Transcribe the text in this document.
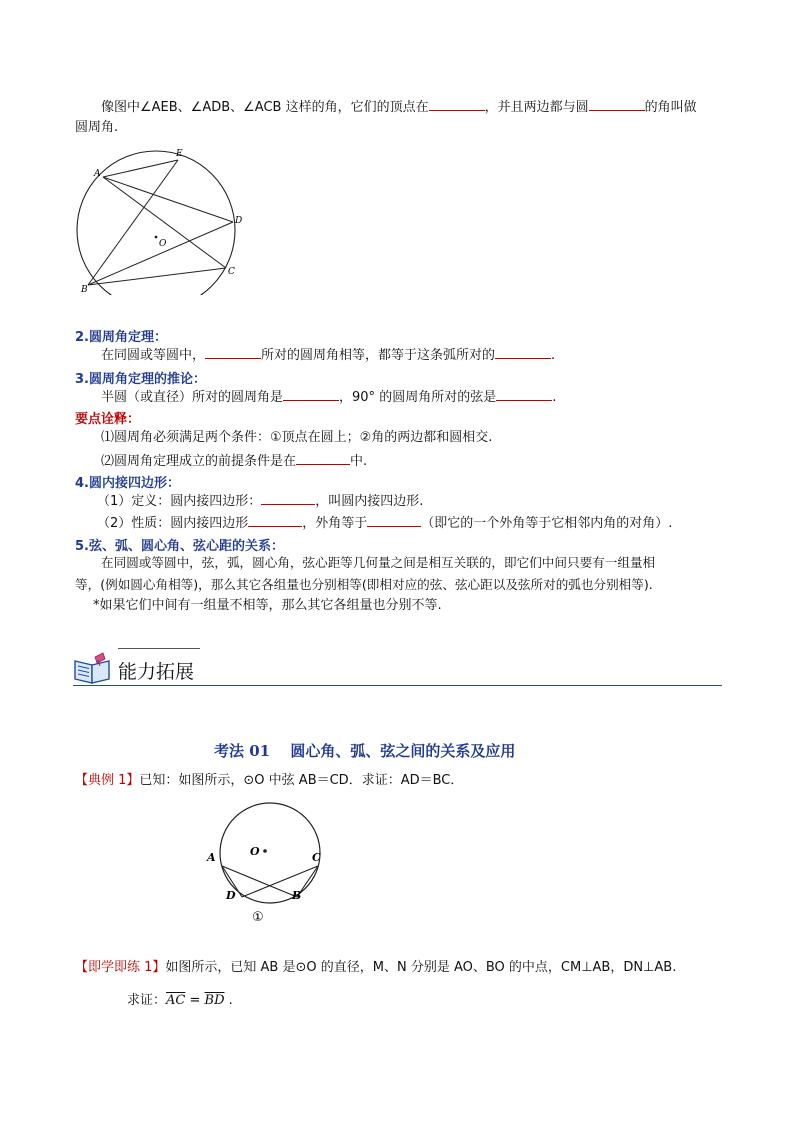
像图中∠AEB、∠ADB、∠ACB 这样的角，它们的顶点在	，并且两边都与圆	的角叫做
圆周角.
E
A
D
O
C
B
2.圆周角定理：
在同圆或等圆中，	所对的圆周角相等，都等于这条弧所对的	.
3.圆周角定理的推论：
半圆（或直径）所对的圆周角是	，90° 的圆周角所对的弦是	.
要点诠释：
⑴圆周角必须满足两个条件：①顶点在圆上；②角的两边都和圆相交.
⑵圆周角定理成立的前提条件是在	中.
4.圆内接四边形：
（1）定义：圆内接四边形：	，叫圆内接四边形.
（2）性质：圆内接四边形	，外角等于	（即它的一个外角等于它相邻内角的对角）.
5.弦、弧、圆心角、弦心距的关系：
在同圆或等圆中，弦，弧，圆心角，弦心距等几何量之间是相互关联的，即它们中间只要有一组量相
等，(例如圆心角相等)，那么其它各组量也分别相等(即相对应的弦、弦心距以及弦所对的弧也分别相等).
*如果它们中间有一组量不相等，那么其它各组量也分别不等.
能力拓展
考法 01　 圆心角、弧、弦之间的关系及应用
【典例 1】已知：如图所示，⊙O 中弦 AB＝CD．求证：AD＝BC．
O
A	C
D	B
①
【即学即练 1】如图所示，已知 AB 是⊙O 的直径，M、N 分别是 AO、BO 的中点，CM⊥AB，DN⊥AB.
求证：$\overline{AC} = \overline{BD}$ .
